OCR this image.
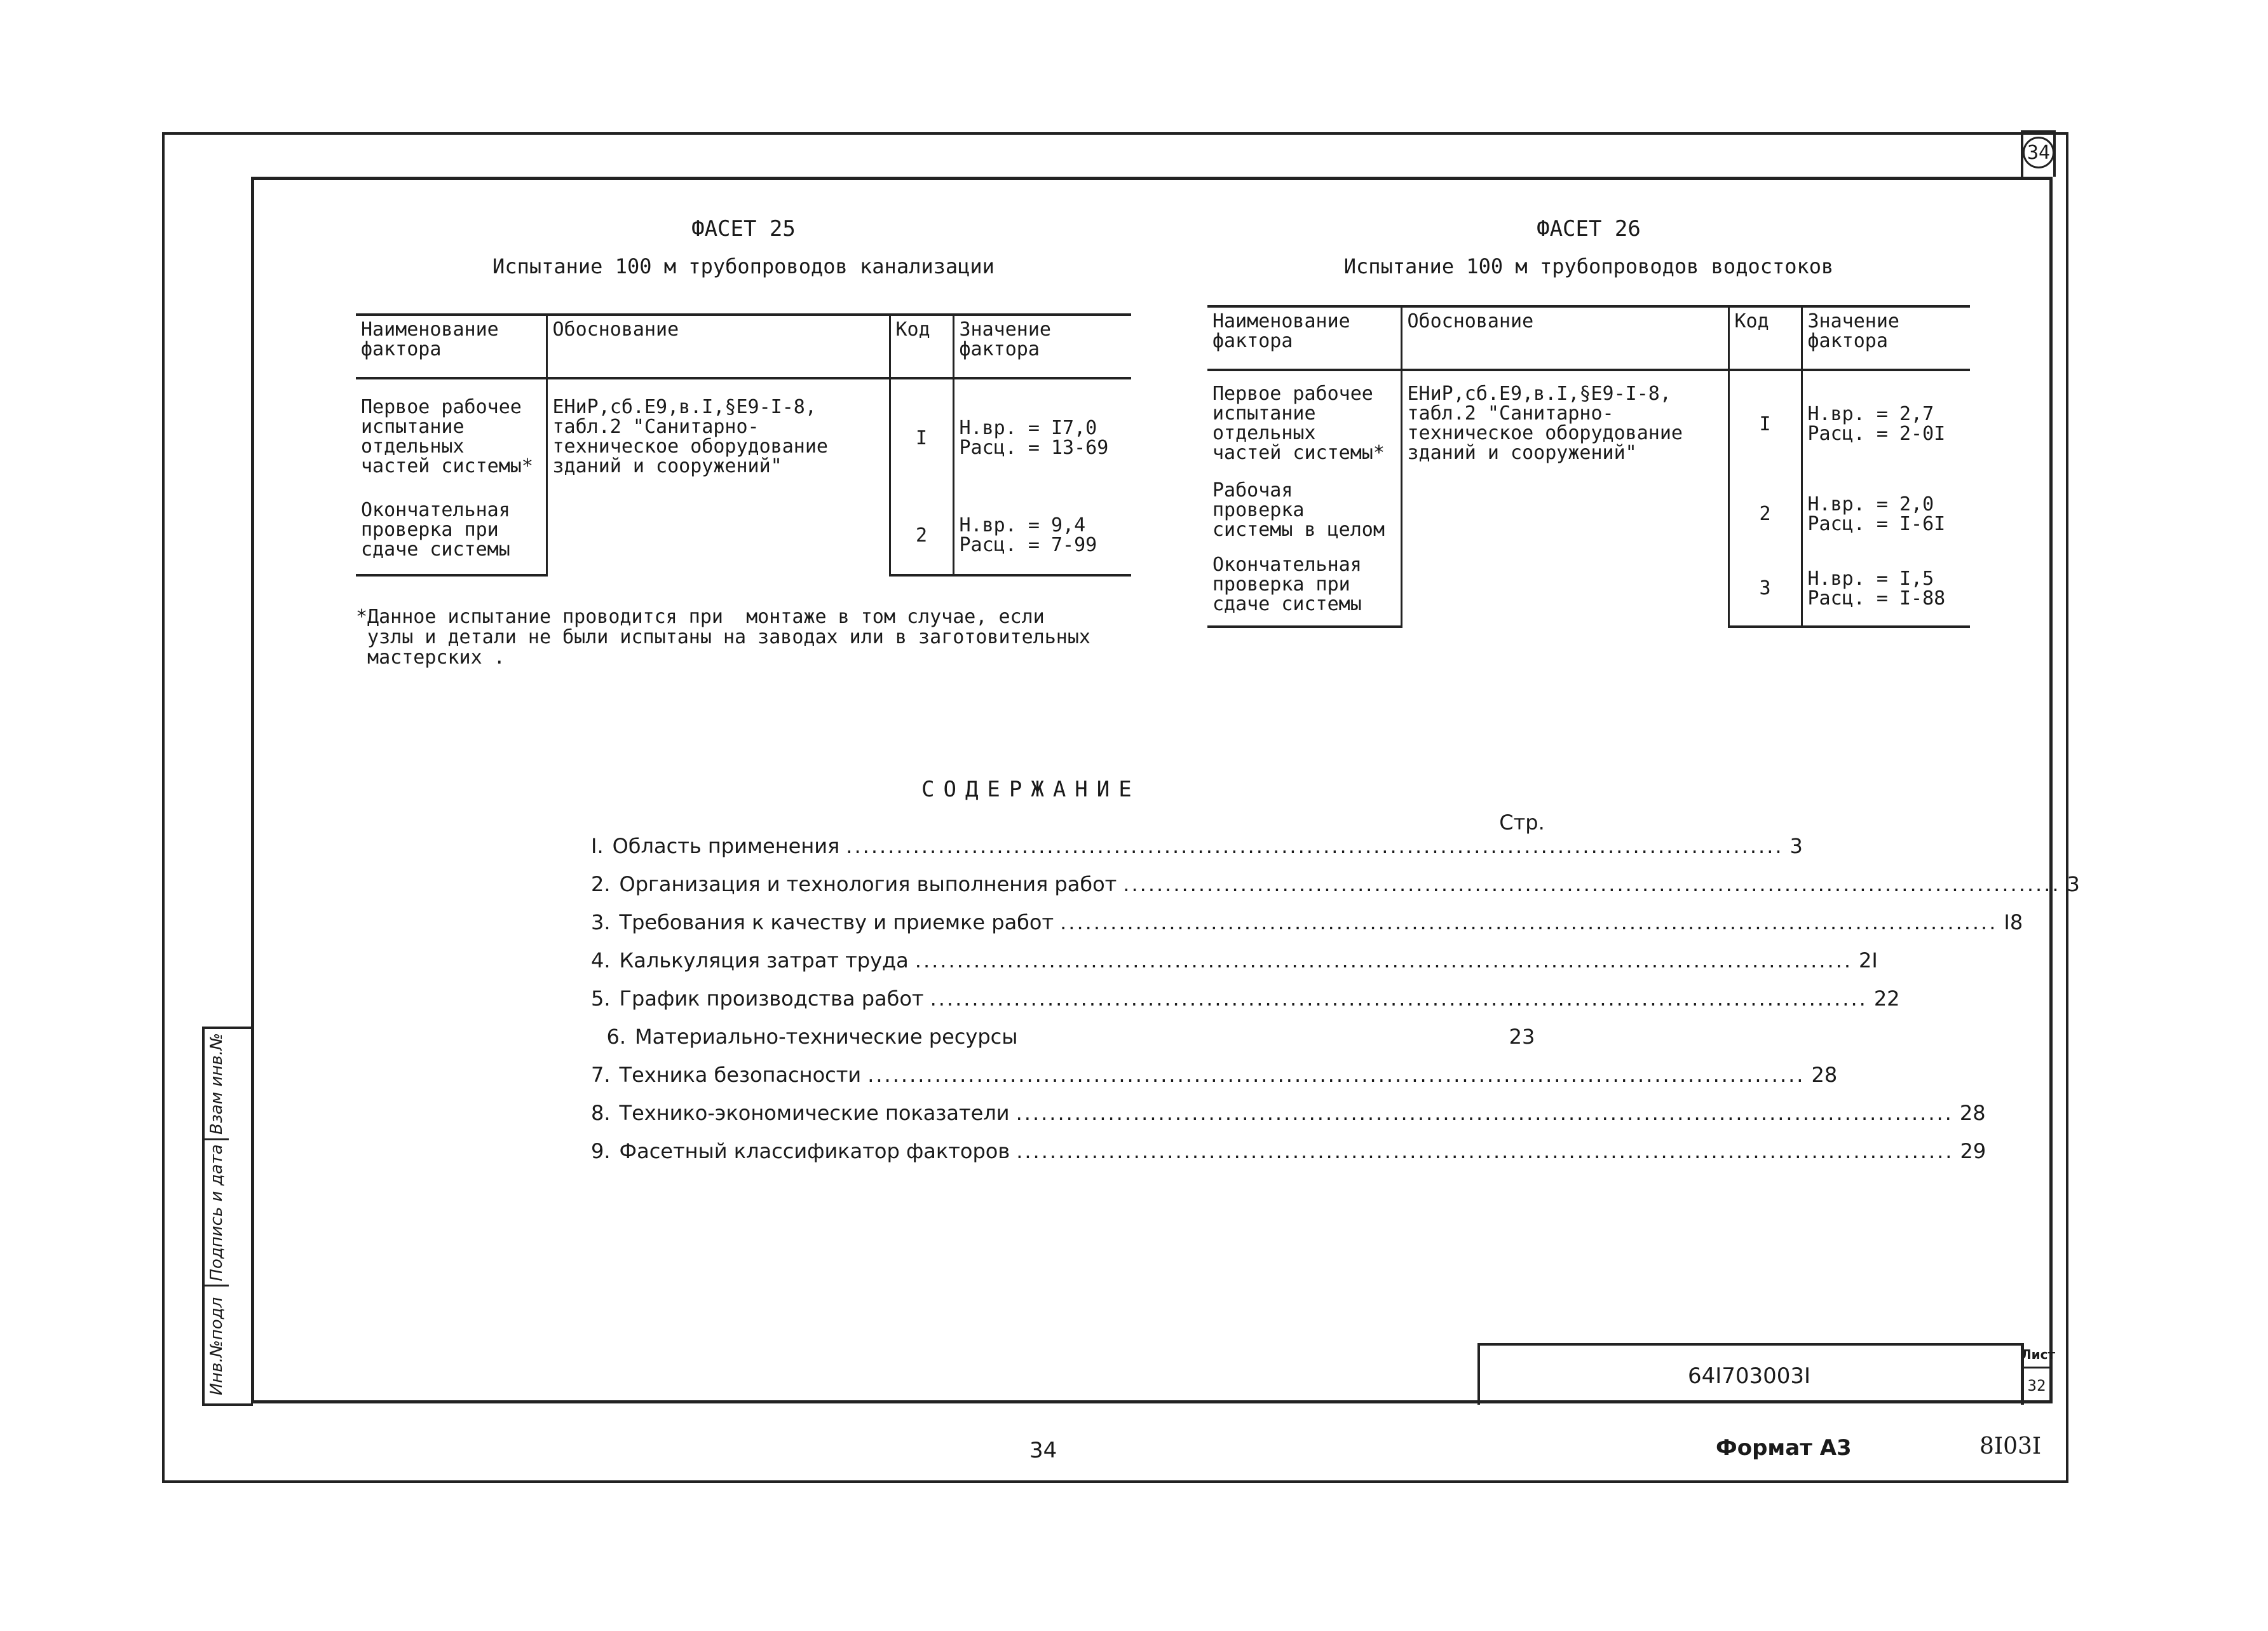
34
Взам инв.№
Подпись и дата
Инв.№подл
ФАСЕТ 25
Испытание 100 м трубопроводов канализации
Наименование фактора	Обоснование	Код	Значение фактора
Первое рабочее испытание отдельных частей системы*	ЕНиР,сб.Е9,в.I,§Е9-I-8, табл.2 "Санитарно-техническое оборудование зданий и сооружений"	I	Н.вр. = I7,0
Расц. = 13-69
Окончательная проверка при сдаче системы		2	Н.вр. = 9,4
Расц. = 7-99
*Данное испытание проводится при  монтаже в том случае, если
узлы и детали не были испытаны на заводах или в заготовительных
мастерских .
ФАСЕТ 26
Испытание 100 м трубопроводов водостоков
Наименование фактора	Обоснование	Код	Значение фактора
Первое рабочее испытание отдельных частей системы*	ЕНиР,сб.Е9,в.I,§Е9-I-8, табл.2 "Санитарно-техническое оборудование зданий и сооружений"	I	Н.вр. = 2,7
Расц. = 2-0I
Рабочая проверка системы в целом		2	Н.вр. = 2,0
Расц. = I-6I
Окончательная проверка при сдаче системы		3	Н.вр. = I,5
Расц. = I-88
СОДЕРЖАНИЕ
Стр.
I. Область применения ................................................................................................................ 3
2. Организация и технология выполнения работ ................................................................................................................ 3
3. Требования к качеству и приемке работ ................................................................................................................ I8
4. Калькуляция затрат труда ................................................................................................................ 2I
5. График производства работ ................................................................................................................ 22
6. Материально-технические ресурсы	23
7. Техника безопасности ................................................................................................................ 28
8. Технико-экономические показатели ................................................................................................................ 28
9. Фасетный классификатор факторов ................................................................................................................ 29
64I703003I
Лист
32
34	Формат А3	8I03I
